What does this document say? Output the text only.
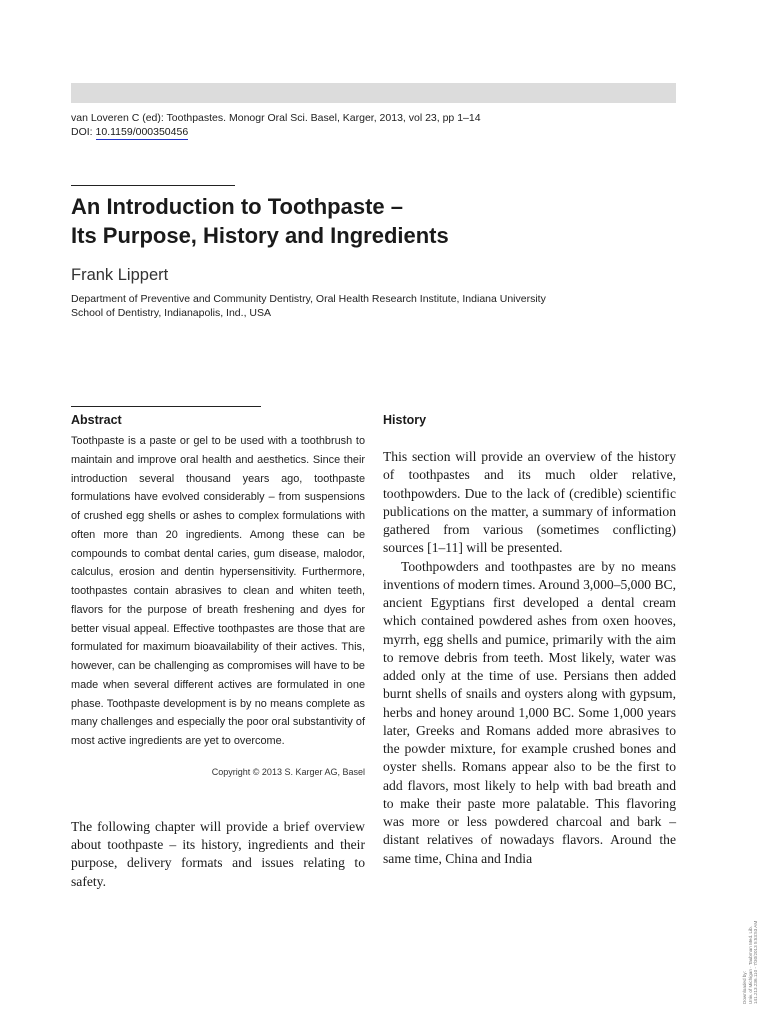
van Loveren C (ed): Toothpastes. Monogr Oral Sci. Basel, Karger, 2013, vol 23, pp 1–14
DOI: 10.1159/000350456
An Introduction to Toothpaste –
Its Purpose, History and Ingredients
Frank Lippert
Department of Preventive and Community Dentistry, Oral Health Research Institute, Indiana University
School of Dentistry, Indianapolis, Ind., USA
Abstract
Toothpaste is a paste or gel to be used with a toothbrush to maintain and improve oral health and aesthetics. Since their introduction several thousand years ago, toothpaste formulations have evolved considerably – from suspensions of crushed egg shells or ashes to complex formulations with often more than 20 ingredients. Among these can be compounds to combat dental caries, gum disease, malodor, calculus, erosion and dentin hypersensitivity. Furthermore, toothpastes contain abrasives to clean and whiten teeth, flavors for the purpose of breath freshening and dyes for better visual appeal. Effective toothpastes are those that are formulated for maximum bioavailability of their actives. This, however, can be challenging as compromises will have to be made when several different actives are formulated in one phase. Toothpaste development is by no means complete as many challenges and especially the poor oral substantivity of most active ingredients are yet to overcome.
Copyright © 2013 S. Karger AG, Basel

The following chapter will provide a brief overview about toothpaste – its history, ingredients and their purpose, delivery formats and issues relating to safety.

History

This section will provide an overview of the history of toothpastes and its much older relative, toothpowders. Due to the lack of (credible) scientific publications on the matter, a summary of information gathered from various (sometimes conflicting) sources [1–11] will be presented.

Toothpowders and toothpastes are by no means inventions of modern times. Around 3,000–5,000 BC, ancient Egyptians first developed a dental cream which contained powdered ashes from oxen hooves, myrrh, egg shells and pumice, primarily with the aim to remove debris from teeth. Most likely, water was added only at the time of use. Persians then added burnt shells of snails and oysters along with gypsum, herbs and honey around 1,000 BC. Some 1,000 years later, Greeks and Romans added more abrasives to the powder mixture, for example crushed bones and oyster shells. Romans appear also to be the first to add flavors, most likely to help with bad breath and to make their paste more palatable. This flavoring was more or less powdered charcoal and bark – distant relatives of nowadays flavors. Around the same time, China and India

Downloaded by: Univ. of Michigan · Taubman Med. Lib. 141.213.236.110 - 7/30/2013 5:53:53 AM
